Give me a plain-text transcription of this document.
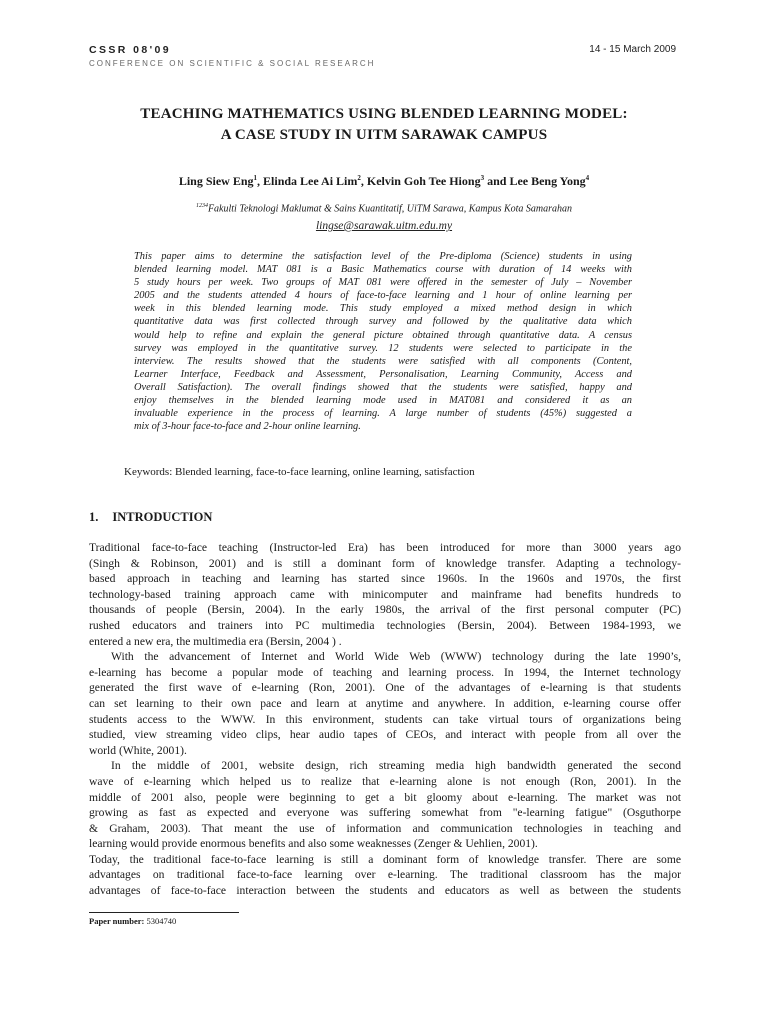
CSSR 08'09
CONFERENCE ON SCIENTIFIC & SOCIAL RESEARCH
14 - 15 March 2009
TEACHING MATHEMATICS USING BLENDED LEARNING MODEL:
A CASE STUDY IN UITM SARAWAK CAMPUS
Ling Siew Eng$^1$, Elinda Lee Ai Lim$^2$, Kelvin Goh Tee Hiong$^3$ and Lee Beng Yong$^4$
$^{1234}$Fakulti Teknologi Maklumat & Sains Kuantitatif, UiTM Sarawa, Kampus Kota Samarahan
lingse@sarawak.uitm.edu.my
This paper aims to determine the satisfaction level of the Pre-diploma (Science) students in using
blended learning model. MAT 081 is a Basic Mathematics course with duration of 14 weeks with
5 study hours per week. Two groups of MAT 081 were offered in the semester of July – November
2005 and the students attended 4 hours of face-to-face learning and 1 hour of online learning per
week in this blended learning mode. This study employed a mixed method design in which
quantitative data was first collected through survey and followed by the qualitative data which
would help to refine and explain the general picture obtained through quantitative data. A census
survey was employed in the quantitative survey. 12 students were selected to participate in the
interview. The results showed that the students were satisfied with all components (Content,
Learner Interface, Feedback and Assessment, Personalisation, Learning Community, Access and
Overall Satisfaction). The overall findings showed that the students were satisfied, happy and
enjoy themselves in the blended learning mode used in MAT081 and considered it as an
invaluable experience in the process of learning. A large number of students (45%) suggested a
mix of 3-hour face-to-face and 2-hour online learning.
Keywords: Blended learning, face-to-face learning, online learning, satisfaction
1. INTRODUCTION
Traditional face-to-face teaching (Instructor-led Era) has been introduced for more than 3000 years ago
(Singh & Robinson, 2001) and is still a dominant form of knowledge transfer. Adapting a technology-
based approach in teaching and learning has started since 1960s. In the 1960s and 1970s, the first
technology-based training approach came with minicomputer and mainframe had benefits hundreds to
thousands of people (Bersin, 2004). In the early 1980s, the arrival of the first personal computer (PC)
rushed educators and trainers into PC multimedia technologies (Bersin, 2004). Between 1984-1993, we
entered a new era, the multimedia era (Bersin, 2004 ) .
With the advancement of Internet and World Wide Web (WWW) technology during the late 1990’s,
e-learning has become a popular mode of teaching and learning process. In 1994, the Internet technology
generated the first wave of e-learning (Ron, 2001). One of the advantages of e-learning is that students
can set learning to their own pace and learn at anytime and anywhere. In addition, e-learning course offer
students access to the WWW. In this environment, students can take virtual tours of organizations being
studied, view streaming video clips, hear audio tapes of CEOs, and interact with people from all over the
world (White, 2001).
In the middle of 2001, website design, rich streaming media high bandwidth generated the second
wave of e-learning which helped us to realize that e-learning alone is not enough (Ron, 2001). In the
middle of 2001 also, people were beginning to get a bit gloomy about e-learning. The market was not
growing as fast as expected and everyone was suffering somewhat from "e-learning fatigue" (Osguthorpe
& Graham, 2003). That meant the use of information and communication technologies in teaching and
learning would provide enormous benefits and also some weaknesses (Zenger & Uehlien, 2001).
Today, the traditional face-to-face learning is still a dominant form of knowledge transfer. There are some
advantages on traditional face-to-face learning over e-learning. The traditional classroom has the major
advantages of face-to-face interaction between the students and educators as well as between the students
Paper number: 5304740
